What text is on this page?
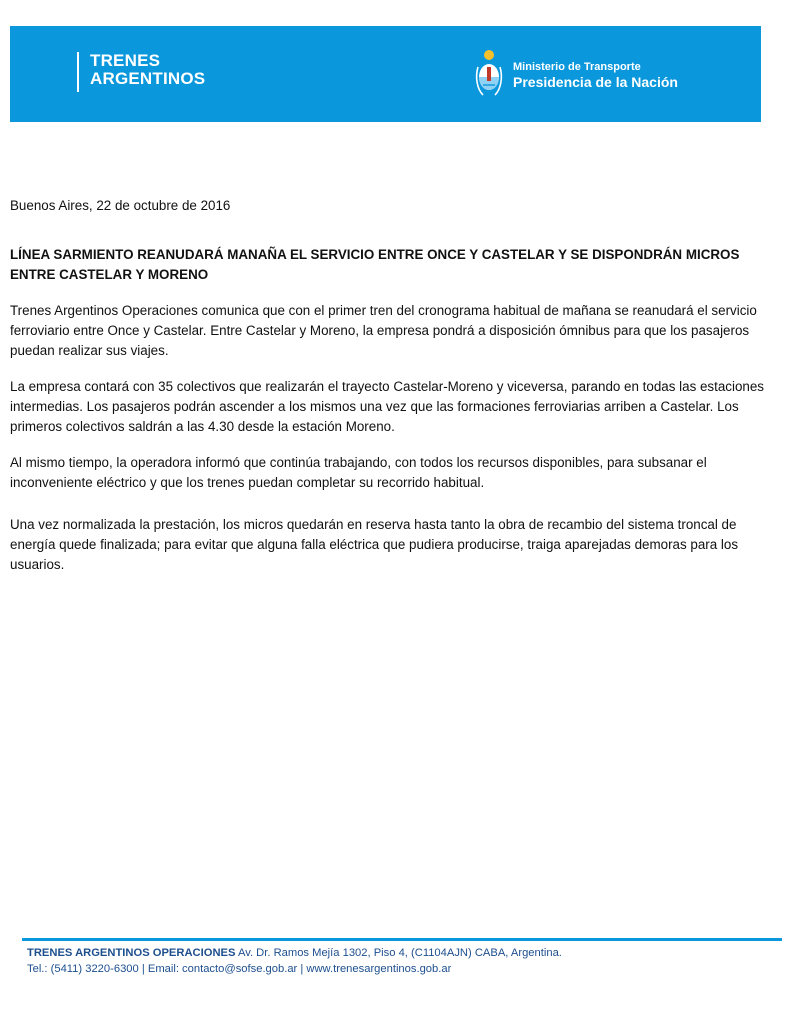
TRENES
ARGENTINOS
Ministerio de Transporte
Presidencia de la Nación

Buenos Aires, 22 de octubre de 2016

LÍNEA SARMIENTO REANUDARÁ MANAÑA EL SERVICIO ENTRE ONCE Y CASTELAR Y SE DISPONDRÁN MICROS ENTRE CASTELAR Y MORENO

Trenes Argentinos Operaciones comunica que con el primer tren del cronograma habitual de mañana se reanudará el servicio ferroviario entre Once y Castelar. Entre Castelar y Moreno, la empresa pondrá a disposición ómnibus para que los pasajeros puedan realizar sus viajes.

La empresa contará con 35 colectivos que realizarán el trayecto Castelar-Moreno y viceversa, parando en todas las estaciones intermedias. Los pasajeros podrán ascender a los mismos una vez que las formaciones ferroviarias arriben a Castelar. Los primeros colectivos saldrán a las 4.30 desde la estación Moreno.

Al mismo tiempo, la operadora informó que continúa trabajando, con todos los recursos disponibles, para subsanar el inconveniente eléctrico y que los trenes puedan completar su recorrido habitual.

Una vez normalizada la prestación, los micros quedarán en reserva hasta tanto la obra de recambio del sistema troncal de energía quede finalizada; para evitar que alguna falla eléctrica que pudiera producirse, traiga aparejadas demoras para los usuarios.

TRENES ARGENTINOS OPERACIONES Av. Dr. Ramos Mejía 1302, Piso 4, (C1104AJN) CABA, Argentina.
Tel.: (5411) 3220-6300 | Email: contacto@sofse.gob.ar | www.trenesargentinos.gob.ar
